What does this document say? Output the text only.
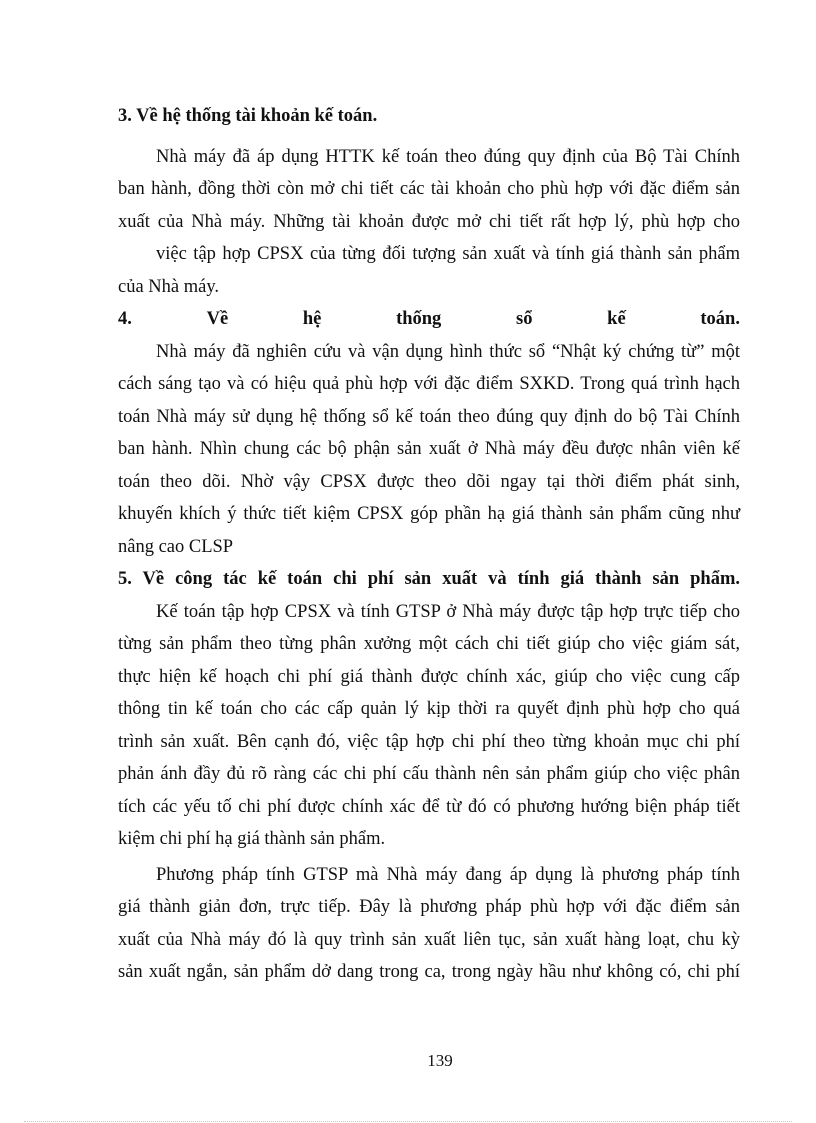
3. Về hệ thống tài khoản kế toán.

Nhà máy đã áp dụng HTTK kế toán theo đúng quy định của Bộ Tài Chính
ban hành, đồng thời còn mở chi tiết các tài khoản cho phù hợp với đặc điểm sản
xuất của Nhà máy. Những tài khoản được mở chi tiết rất hợp lý, phù hợp cho
việc tập hợp CPSX của từng đối tượng sản xuất và tính giá thành sản phẩm
của Nhà máy.
4.	Về	hệ	thống	sổ	kế	toán.
Nhà máy đã nghiên cứu và vận dụng hình thức sổ “Nhật ký chứng từ” một
cách sáng tạo và có hiệu quả phù hợp với đặc điểm SXKD. Trong quá trình hạch
toán Nhà máy sử dụng hệ thống sổ kế toán theo đúng quy định do bộ Tài Chính
ban hành. Nhìn chung các bộ phận sản xuất ở Nhà máy đều được nhân viên kế
toán theo dõi. Nhờ vậy CPSX được theo dõi ngay tại thời điểm phát sinh,
khuyến khích ý thức tiết kiệm CPSX góp phần hạ giá thành sản phẩm cũng như
nâng cao CLSP
5. Về công tác kế toán chi phí sản xuất và tính giá thành sản phẩm.
Kế toán tập hợp CPSX và tính GTSP ở Nhà máy được tập hợp trực tiếp cho
từng sản phẩm theo từng phân xưởng một cách chi tiết giúp cho việc giám sát,
thực hiện kế hoạch chi phí giá thành được chính xác, giúp cho việc cung cấp
thông tin kế toán cho các cấp quản lý kịp thời ra quyết định phù hợp cho quá
trình sản xuất. Bên cạnh đó, việc tập hợp chi phí theo từng khoản mục chi phí
phản ánh đầy đủ rõ ràng các chi phí cấu thành nên sản phẩm giúp cho việc phân
tích các yếu tố chi phí được chính xác để từ đó có phương hướng biện pháp tiết
kiệm chi phí hạ giá thành sản phẩm.
Phương pháp tính GTSP mà Nhà máy đang áp dụng là phương pháp tính
giá thành giản đơn, trực tiếp. Đây là phương pháp phù hợp với đặc điểm sản
xuất của Nhà máy đó là quy trình sản xuất liên tục, sản xuất hàng loạt, chu kỳ
sản xuất ngắn, sản phẩm dở dang trong ca, trong ngày hầu như không có, chi phí
139
